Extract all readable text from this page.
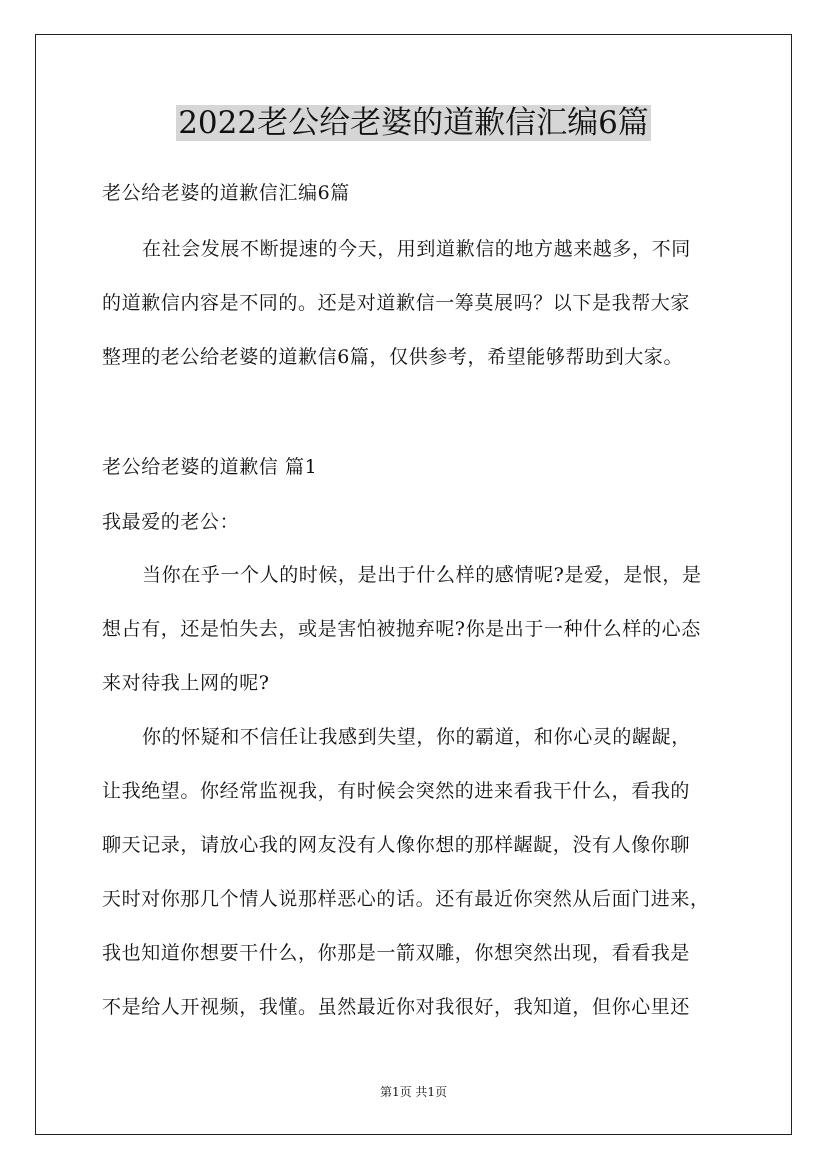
2022老公给老婆的道歉信汇编6篇

老公给老婆的道歉信汇编6篇

在社会发展不断提速的今天，用到道歉信的地方越来越多，不同

的道歉信内容是不同的。还是对道歉信一筹莫展吗？以下是我帮大家

整理的老公给老婆的道歉信6篇，仅供参考，希望能够帮助到大家。

老公给老婆的道歉信 篇1

我最爱的老公：

当你在乎一个人的时候，是出于什么样的感情呢?是爱，是恨，是

想占有，还是怕失去，或是害怕被抛弃呢?你是出于一种什么样的心态

来对待我上网的呢?

你的怀疑和不信任让我感到失望，你的霸道，和你心灵的龌龊，

让我绝望。你经常监视我，有时候会突然的进来看我干什么，看我的

聊天记录，请放心我的网友没有人像你想的那样龌龊，没有人像你聊

天时对你那几个情人说那样恶心的话。还有最近你突然从后面门进来，

我也知道你想要干什么，你那是一箭双雕，你想突然出现，看看我是

不是给人开视频，我懂。虽然最近你对我很好，我知道，但你心里还

第1页 共1页
